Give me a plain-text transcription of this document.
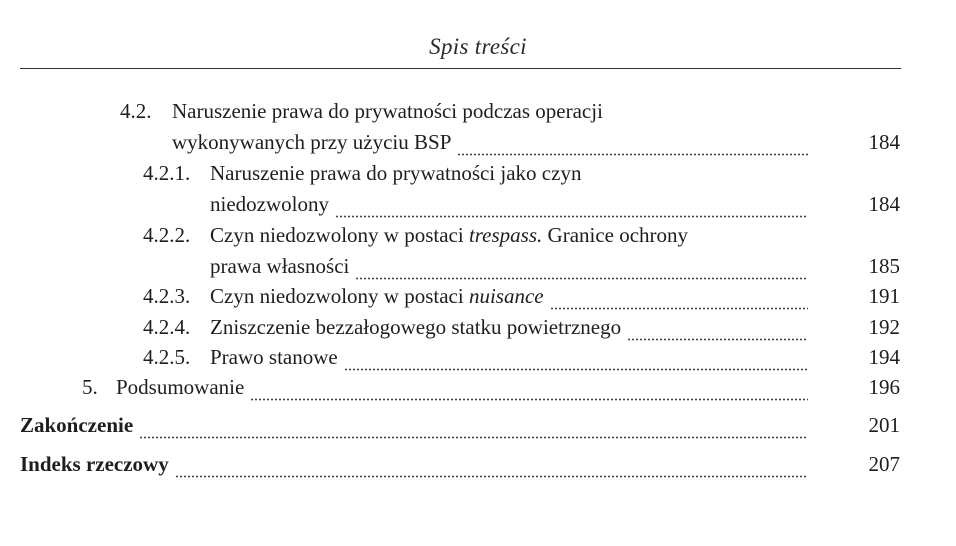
Spis treści
4.2. Naruszenie prawa do prywatności podczas operacji
wykonywanych przy użyciu BSP	184
4.2.1. Naruszenie prawa do prywatności jako czyn
niedozwolony	184
4.2.2. Czyn niedozwolony w postaci trespass. Granice ochrony
prawa własności	185
4.2.3. Czyn niedozwolony w postaci nuisance	191
4.2.4. Zniszczenie bezzałogowego statku powietrznego	192
4.2.5. Prawo stanowe	194
5. Podsumowanie	196
Zakończenie	201
Indeks rzeczowy	207
